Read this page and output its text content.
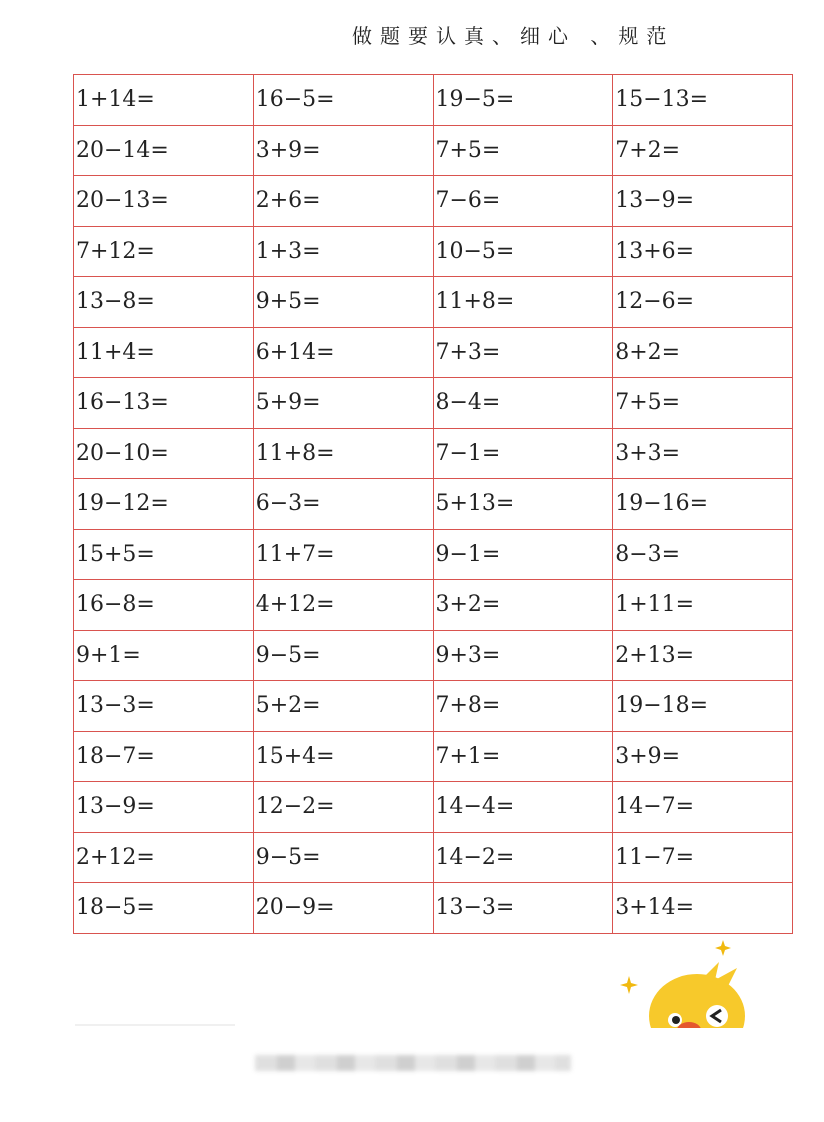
做题要认真、细心 、规范
1+14=	16−5=	19−5=	15−13=
20−14=	3+9=	7+5=	7+2=
20−13=	2+6=	7−6=	13−9=
7+12=	1+3=	10−5=	13+6=
13−8=	9+5=	11+8=	12−6=
11+4=	6+14=	7+3=	8+2=
16−13=	5+9=	8−4=	7+5=
20−10=	11+8=	7−1=	3+3=
19−12=	6−3=	5+13=	19−16=
15+5=	11+7=	9−1=	8−3=
16−8=	4+12=	3+2=	1+11=
9+1=	9−5=	9+3=	2+13=
13−3=	5+2=	7+8=	19−18=
18−7=	15+4=	7+1=	3+9=
13−9=	12−2=	14−4=	14−7=
2+12=	9−5=	14−2=	11−7=
18−5=	20−9=	13−3=	3+14=
